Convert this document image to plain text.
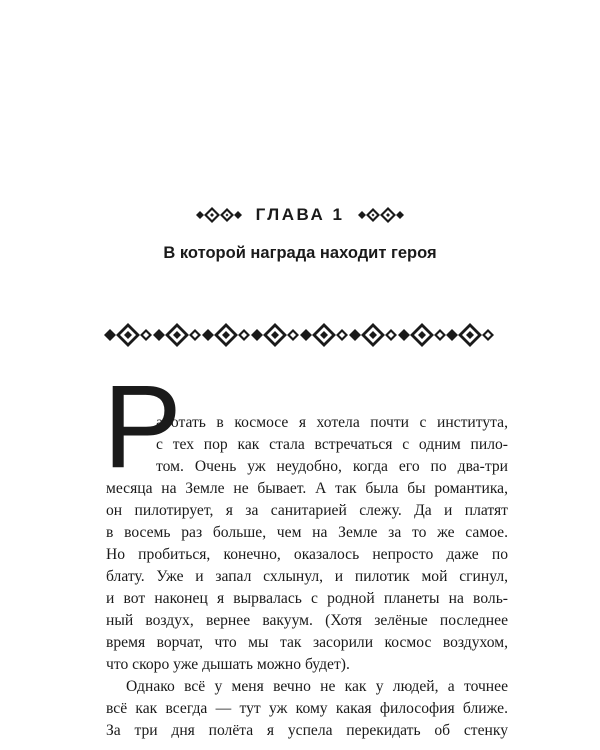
ГЛАВА 1
В которой награда находит героя
Р
аботать в космосе я хотела почти с института,
с тех пор как стала встречаться с одним пило-
том. Очень уж неудобно, когда его по два-три
месяца на Земле не бывает. А так была бы романтика,
он пилотирует, я за санитарией слежу. Да и платят
в восемь раз больше, чем на Земле за то же самое.
Но пробиться, конечно, оказалось непросто даже по
блату. Уже и запал схлынул, и пилотик мой сгинул,
и вот наконец я вырвалась с родной планеты на воль-
ный воздух, вернее вакуум. (Хотя зелёные последнее
время ворчат, что мы так засорили космос воздухом,
что скоро уже дышать можно будет).
Однако всё у меня вечно не как у людей, а точнее
всё как всегда — тут уж кому какая философия ближе.
За три дня полёта я успела перекидать об стенку
